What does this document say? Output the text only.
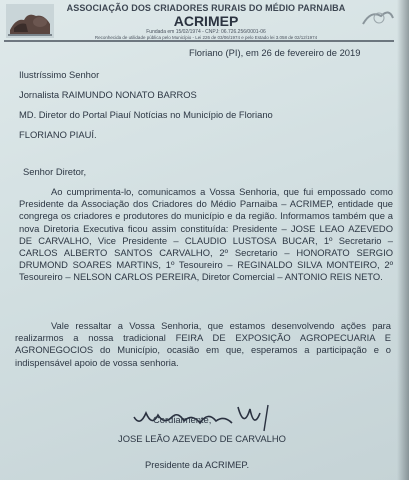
ASSOCIAÇÃO DOS CRIADORES RURAIS DO MÉDIO PARNAIBA
ACRIMEP
Fundada em 15/02/1974 - CNPJ: 06.726.256/0001-06
Reconhecida de utilidade pública pelo Município - Lei 226 de 03/06/1974 e pelo Estado lei 3.058 de 02/12/1974
Floriano (PI), em 26 de fevereiro de 2019
Ilustríssimo Senhor
Jornalista RAIMUNDO NONATO BARROS
MD. Diretor do Portal Piauí Notícias no Município de Floriano
FLORIANO PIAUÍ.
Senhor Diretor,
Ao cumprimenta-lo, comunicamos a Vossa Senhoria, que fui empossado como Presidente da Associação dos Criadores do Médio Parnaiba – ACRIMEP, entidade que congrega os criadores e produtores do município e da região. Informamos também que a nova Diretoria Executiva ficou assim constituída: Presidente – JOSE LEAO AZEVEDO DE CARVALHO, Vice Presidente – CLAUDIO LUSTOSA BUCAR, 1º Secretario – CARLOS ALBERTO SANTOS CARVALHO, 2º Secretario – HONORATO SERGIO DRUMOND SOARES MARTINS, 1º Tesoureiro – REGINALDO SILVA MONTEIRO, 2º Tesoureiro – NELSON CARLOS PEREIRA, Diretor Comercial – ANTONIO REIS NETO.
Vale ressaltar a Vossa Senhoria, que estamos desenvolvendo ações para realizarmos a nossa tradicional FEIRA DE EXPOSIÇÃO AGROPECUARIA E AGRONEGOCIOS do Município, ocasião em que, esperamos a participação e o indispensável apoio de vossa senhoria.
Cordialmente,
JOSE LEÃO AZEVEDO DE CARVALHO
Presidente da ACRIMEP.
